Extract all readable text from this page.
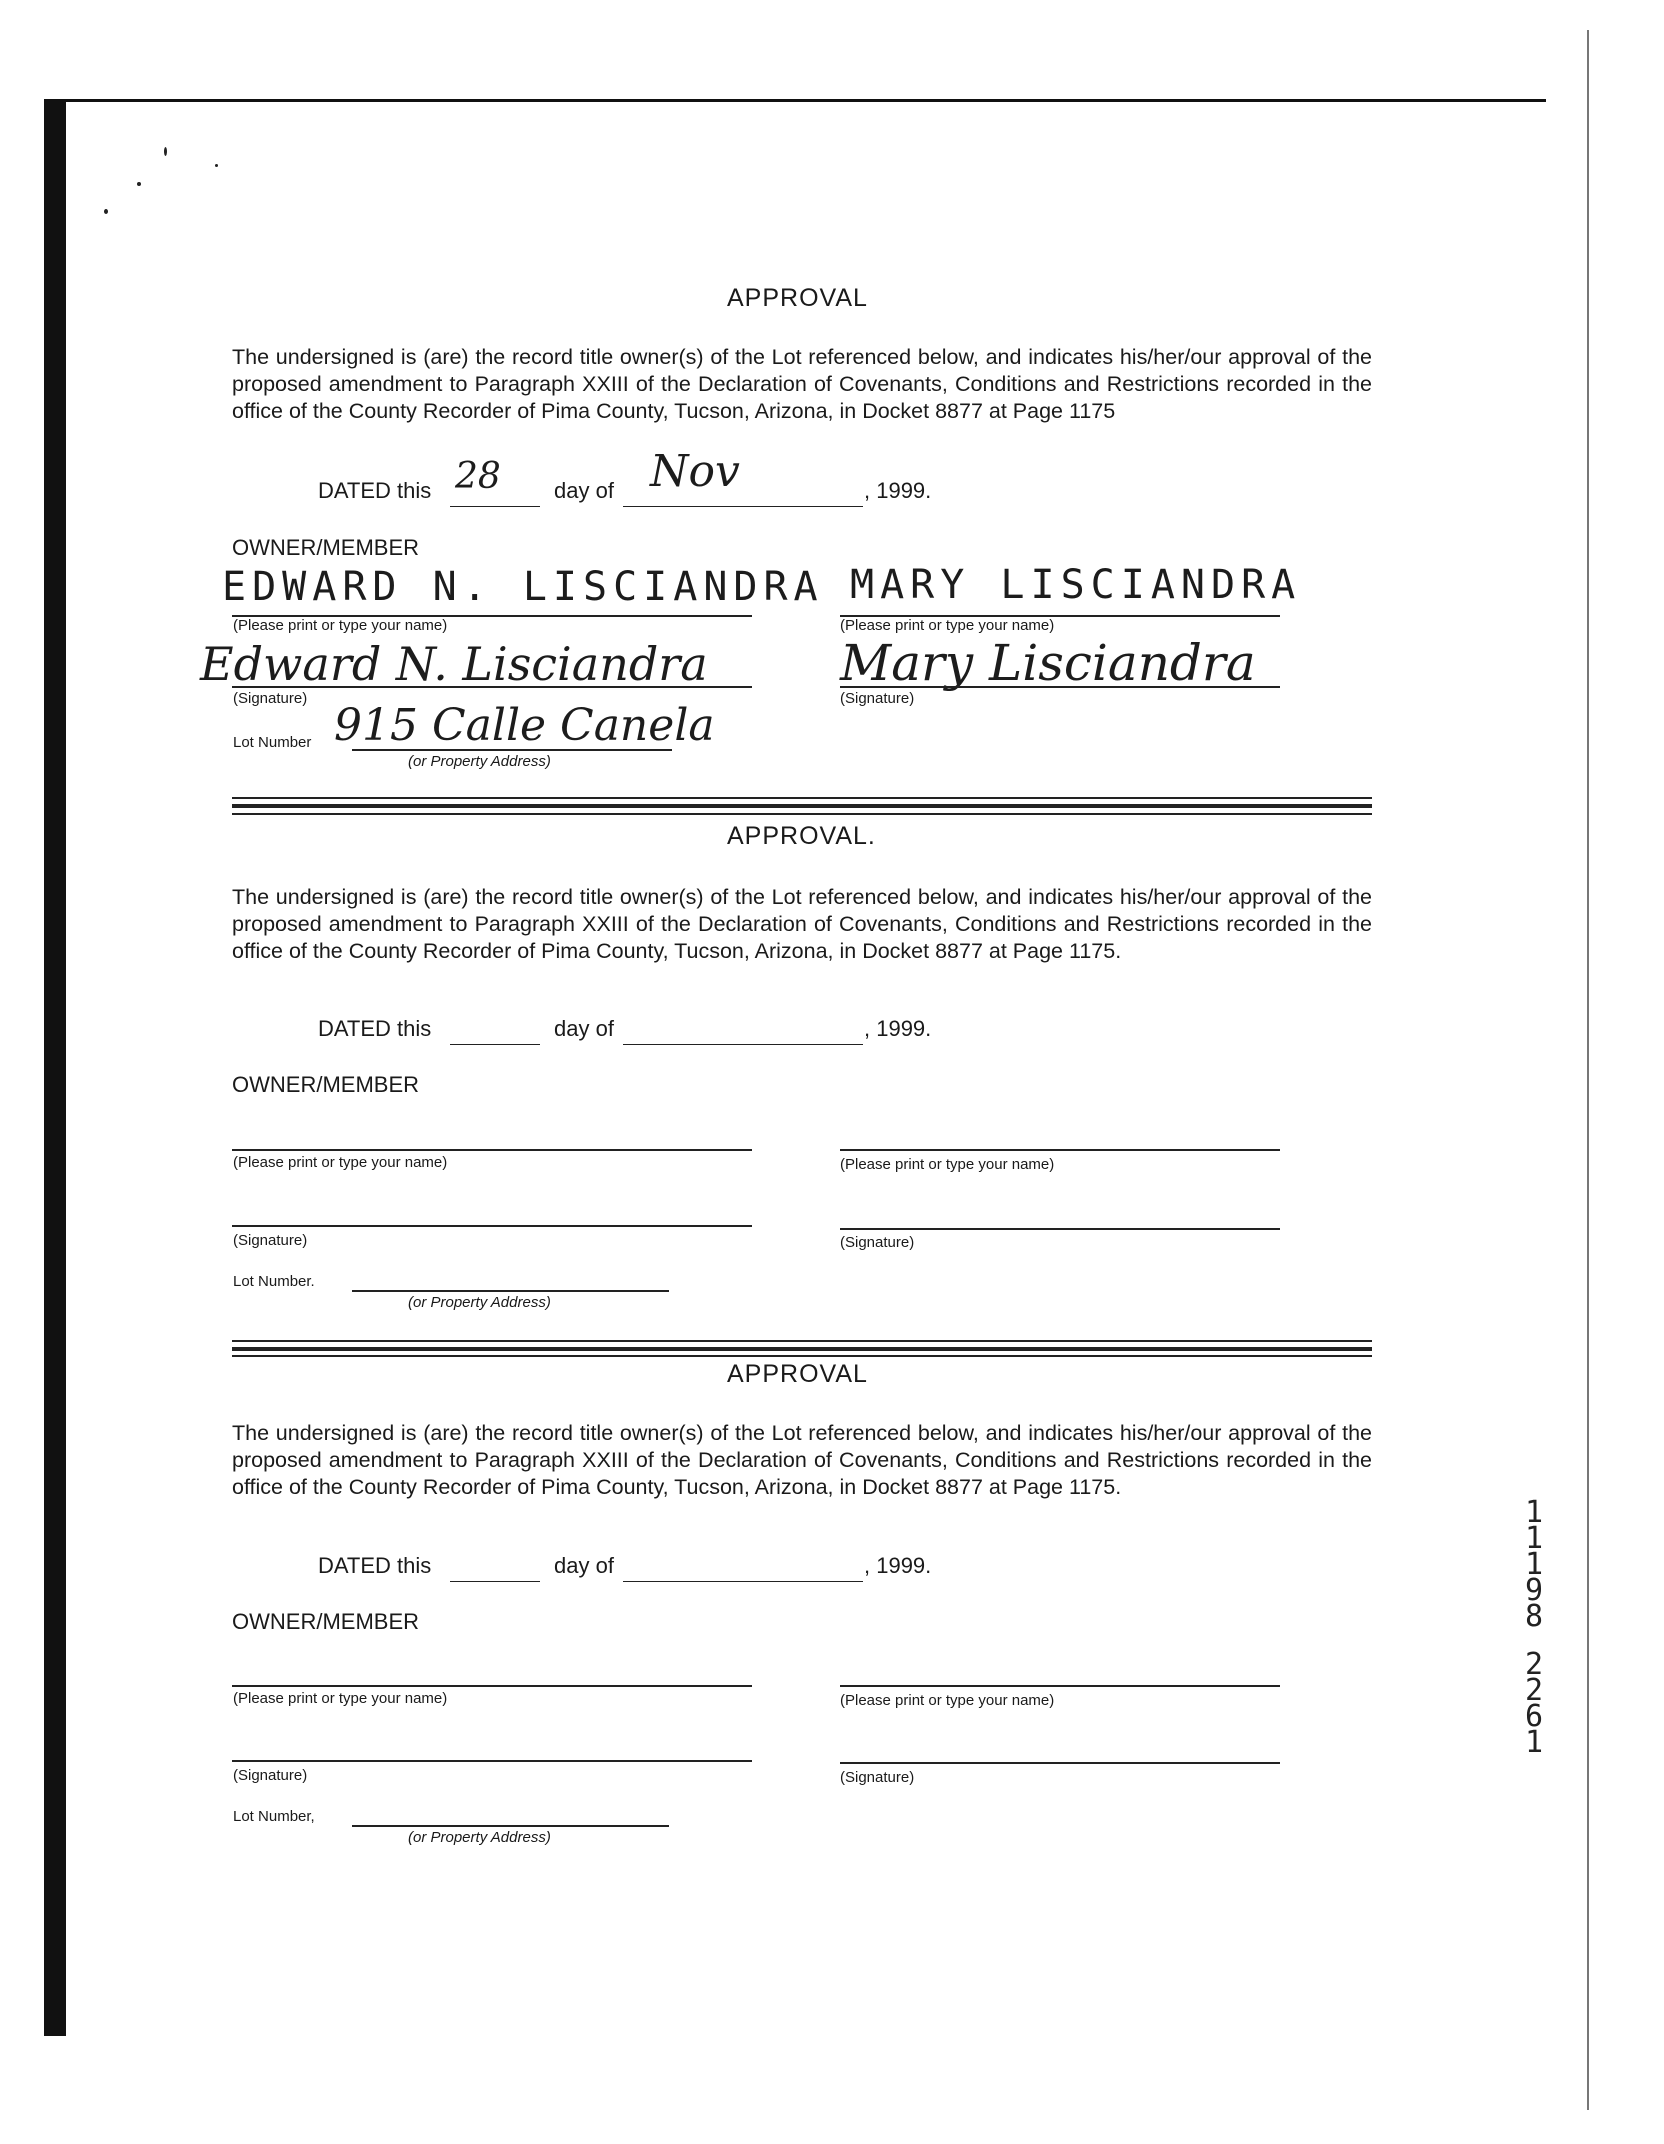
APPROVAL
The undersigned is (are) the record title owner(s) of the Lot referenced below, and indicates his/her/our approval of the proposed amendment to Paragraph XXIII of the Declaration of Covenants, Conditions and Restrictions recorded in the office of the County Recorder of Pima County, Tucson, Arizona, in Docket 8877 at Page 1175
DATED this	day of	, 1999.
28	Nov
OWNER/MEMBER
EDWARD N. LISCIANDRA MARY LISCIANDRA
(Please print or type your name)	(Please print or type your name)
Edward N. Lisciandra	Mary Lisciandra
(Signature)	(Signature)
Lot Number 915 Calle Canela
(or Property Address)
APPROVAL.
The undersigned is (are) the record title owner(s) of the Lot referenced below, and indicates his/her/our approval of the proposed amendment to Paragraph XXIII of the Declaration of Covenants, Conditions and Restrictions recorded in the office of the County Recorder of Pima County, Tucson, Arizona, in Docket 8877 at Page 1175.
DATED this	day of	, 1999.
OWNER/MEMBER
(Please print or type your name)	(Please print or type your name)
(Signature)	(Signature)
Lot Number.
(or Property Address)
APPROVAL
The undersigned is (are) the record title owner(s) of the Lot referenced below, and indicates his/her/our approval of the proposed amendment to Paragraph XXIII of the Declaration of Covenants, Conditions and Restrictions recorded in the office of the County Recorder of Pima County, Tucson, Arizona, in Docket 8877 at Page 1175.
DATED this	day of	, 1999.
OWNER/MEMBER
(Please print or type your name)	(Please print or type your name)
(Signature)	(Signature)
Lot Number,
(or Property Address)
1
1
1
9
8
2
2
6
1
